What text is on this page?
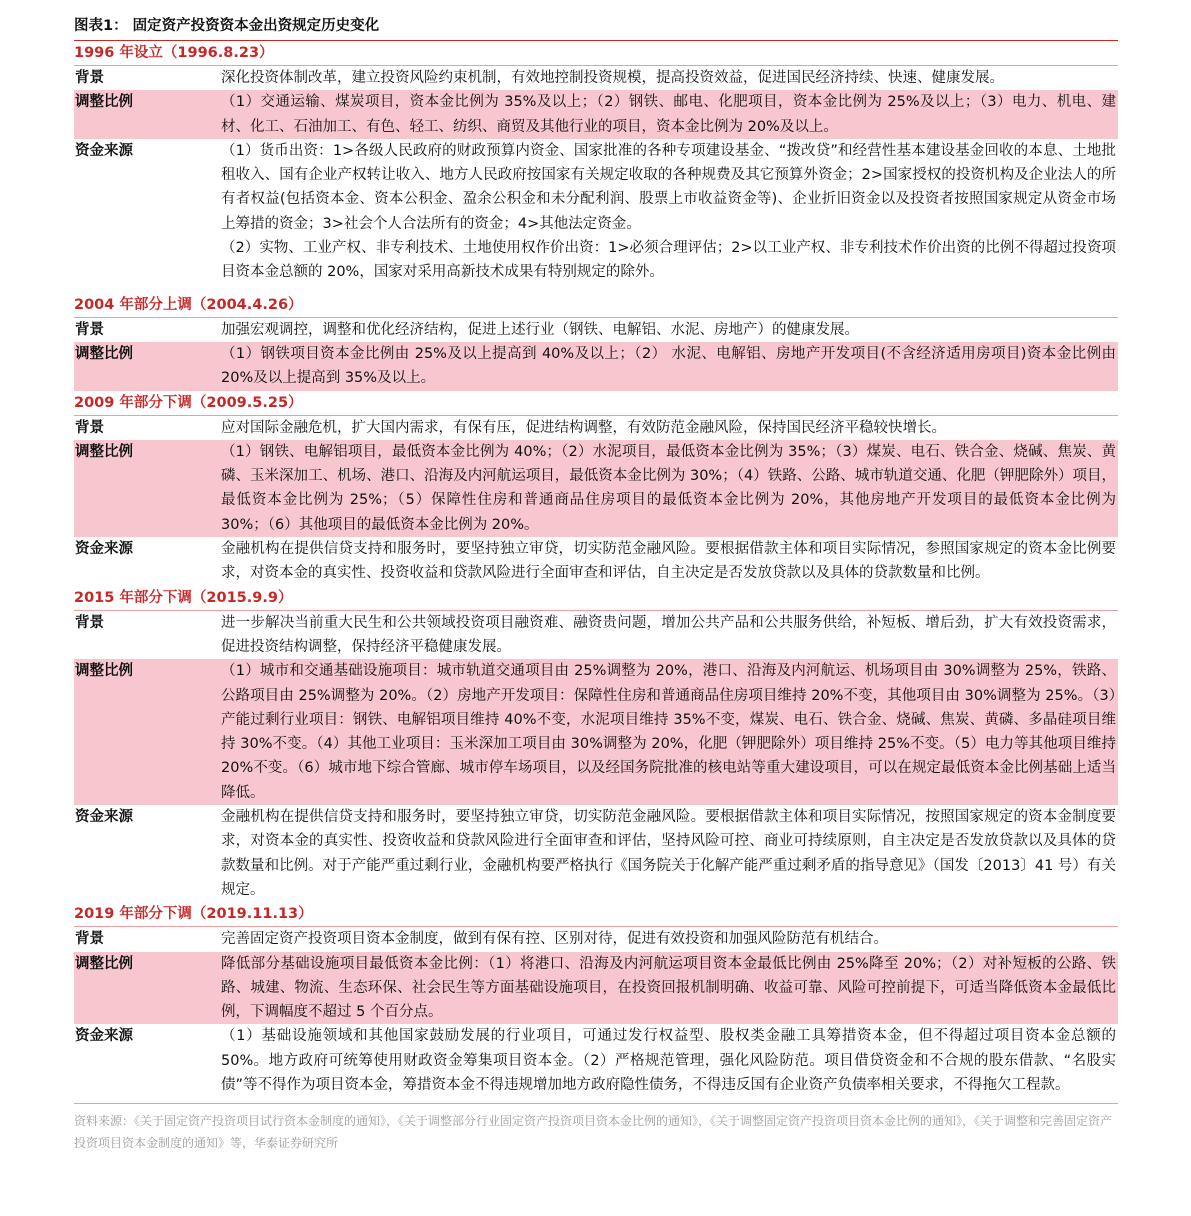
图表1： 固定资产投资资本金出资规定历史变化
1996 年设立（1996.8.23）
背景	深化投资体制改革，建立投资风险约束机制，有效地控制投资规模，提高投资效益，促进国民经济持续、快速、健康发展。
调整比例	（1）交通运输、煤炭项目，资本金比例为 35%及以上；（2）钢铁、邮电、化肥项目，资本金比例为 25%及以上；（3）电力、机电、建材、化工、石油加工、有色、轻工、纺织、商贸及其他行业的项目，资本金比例为 20%及以上。
资金来源	（1）货币出资：1>各级人民政府的财政预算内资金、国家批准的各种专项建设基金、“拨改贷”和经营性基本建设基金回收的本息、土地批租收入、国有企业产权转让收入、地方人民政府按国家有关规定收取的各种规费及其它预算外资金；2>国家授权的投资机构及企业法人的所有者权益(包括资本金、资本公积金、盈余公积金和未分配利润、股票上市收益资金等)、企业折旧资金以及投资者按照国家规定从资金市场上筹措的资金；3>社会个人合法所有的资金；4>其他法定资金。
（2）实物、工业产权、非专利技术、土地使用权作价出资：1>必须合理评估；2>以工业产权、非专利技术作价出资的比例不得超过投资项目资本金总额的 20%，国家对采用高新技术成果有特别规定的除外。
2004 年部分上调（2004.4.26）
背景	加强宏观调控，调整和优化经济结构，促进上述行业（钢铁、电解铝、水泥、房地产）的健康发展。
调整比例	（1）钢铁项目资本金比例由 25%及以上提高到 40%及以上；（2） 水泥、电解铝、房地产开发项目(不含经济适用房项目)资本金比例由 20%及以上提高到 35%及以上。
2009 年部分下调（2009.5.25）
背景	应对国际金融危机，扩大国内需求，有保有压，促进结构调整，有效防范金融风险，保持国民经济平稳较快增长。
调整比例	（1）钢铁、电解铝项目，最低资本金比例为 40%；（2）水泥项目，最低资本金比例为 35%；（3）煤炭、电石、铁合金、烧碱、焦炭、黄磷、玉米深加工、机场、港口、沿海及内河航运项目，最低资本金比例为 30%；（4）铁路、公路、城市轨道交通、化肥（钾肥除外）项目，最低资本金比例为 25%；（5）保障性住房和普通商品住房项目的最低资本金比例为 20%，其他房地产开发项目的最低资本金比例为 30%；（6）其他项目的最低资本金比例为 20%。
资金来源	金融机构在提供信贷支持和服务时，要坚持独立审贷，切实防范金融风险。要根据借款主体和项目实际情况，参照国家规定的资本金比例要求，对资本金的真实性、投资收益和贷款风险进行全面审查和评估，自主决定是否发放贷款以及具体的贷款数量和比例。
2015 年部分下调（2015.9.9）
背景	进一步解决当前重大民生和公共领域投资项目融资难、融资贵问题，增加公共产品和公共服务供给，补短板、增后劲，扩大有效投资需求，促进投资结构调整，保持经济平稳健康发展。
调整比例	（1）城市和交通基础设施项目：城市轨道交通项目由 25%调整为 20%，港口、沿海及内河航运、机场项目由 30%调整为 25%，铁路、公路项目由 25%调整为 20%。（2）房地产开发项目：保障性住房和普通商品住房项目维持 20%不变，其他项目由 30%调整为 25%。（3）产能过剩行业项目：钢铁、电解铝项目维持 40%不变，水泥项目维持 35%不变，煤炭、电石、铁合金、烧碱、焦炭、黄磷、多晶硅项目维持 30%不变。（4）其他工业项目：玉米深加工项目由 30%调整为 20%，化肥（钾肥除外）项目维持 25%不变。（5）电力等其他项目维持 20%不变。（6）城市地下综合管廊、城市停车场项目，以及经国务院批准的核电站等重大建设项目，可以在规定最低资本金比例基础上适当降低。
资金来源	金融机构在提供信贷支持和服务时，要坚持独立审贷，切实防范金融风险。要根据借款主体和项目实际情况，按照国家规定的资本金制度要求，对资本金的真实性、投资收益和贷款风险进行全面审查和评估，坚持风险可控、商业可持续原则，自主决定是否发放贷款以及具体的贷款数量和比例。对于产能严重过剩行业，金融机构要严格执行《国务院关于化解产能严重过剩矛盾的指导意见》（国发〔2013〕41 号）有关规定。
2019 年部分下调（2019.11.13）
背景	完善固定资产投资项目资本金制度，做到有保有控、区别对待，促进有效投资和加强风险防范有机结合。
调整比例	降低部分基础设施项目最低资本金比例：（1）将港口、沿海及内河航运项目资本金最低比例由 25%降至 20%；（2）对补短板的公路、铁路、城建、物流、生态环保、社会民生等方面基础设施项目，在投资回报机制明确、收益可靠、风险可控前提下，可适当降低资本金最低比例，下调幅度不超过 5 个百分点。
资金来源	（1）基础设施领域和其他国家鼓励发展的行业项目，可通过发行权益型、股权类金融工具筹措资本金，但不得超过项目资本金总额的 50%。地方政府可统筹使用财政资金筹集项目资本金。（2）严格规范管理，强化风险防范。项目借贷资金和不合规的股东借款、“名股实债”等不得作为项目资本金，筹措资本金不得违规增加地方政府隐性债务，不得违反国有企业资产负债率相关要求，不得拖欠工程款。
资料来源：《关于固定资产投资项目试行资本金制度的通知》，《关于调整部分行业固定资产投资项目资本金比例的通知》，《关于调整固定资产投资项目资本金比例的通知》，《关于调整和完善固定资产投资项目资本金制度的通知》等，华泰证券研究所
